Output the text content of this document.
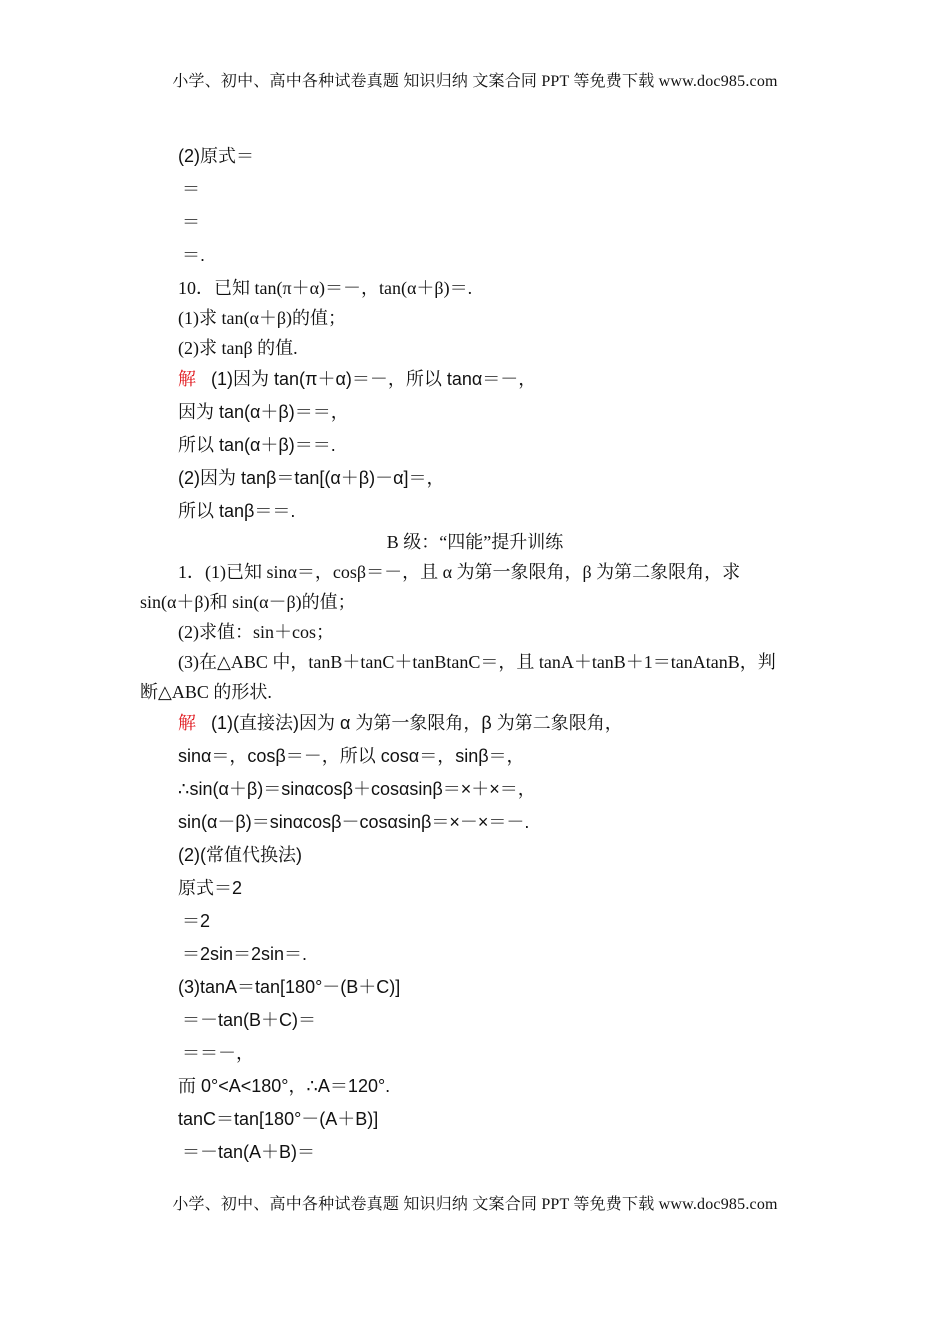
小学、初中、高中各种试卷真题 知识归纳 文案合同 PPT 等免费下载 www.doc985.com
(2)原式＝
＝
＝
＝.
10．已知 tan(π＋α)＝－，tan(α＋β)＝.
(1)求 tan(α＋β)的值；
(2)求 tanβ 的值.
解 (1)因为 tan(π＋α)＝－，所以 tanα＝－，
因为 tan(α＋β)＝＝，
所以 tan(α＋β)＝＝.
(2)因为 tanβ＝tan[(α＋β)－α]＝，
所以 tanβ＝＝.
B 级：“四能”提升训练
1．(1)已知 sinα＝，cosβ＝－，且 α 为第一象限角，β 为第二象限角，求
sin(α＋β)和 sin(α－β)的值；
(2)求值：sin＋cos；
(3)在△ABC 中，tanB＋tanC＋tanBtanC＝，且 tanA＋tanB＋1＝tanAtanB，判
断△ABC 的形状.
解 (1)(直接法)因为 α 为第一象限角，β 为第二象限角，
sinα＝，cosβ＝－，所以 cosα＝，sinβ＝，
∴sin(α＋β)＝sinαcosβ＋cosαsinβ＝×＋×＝，
sin(α－β)＝sinαcosβ－cosαsinβ＝×－×＝－.
(2)(常值代换法)
原式＝2
＝2
＝2sin＝2sin＝.
(3)tanA＝tan[180°－(B＋C)]
＝－tan(B＋C)＝
＝＝－，
而 0°<A<180°，∴A＝120°.
tanC＝tan[180°－(A＋B)]
＝－tan(A＋B)＝
小学、初中、高中各种试卷真题 知识归纳 文案合同 PPT 等免费下载 www.doc985.com
